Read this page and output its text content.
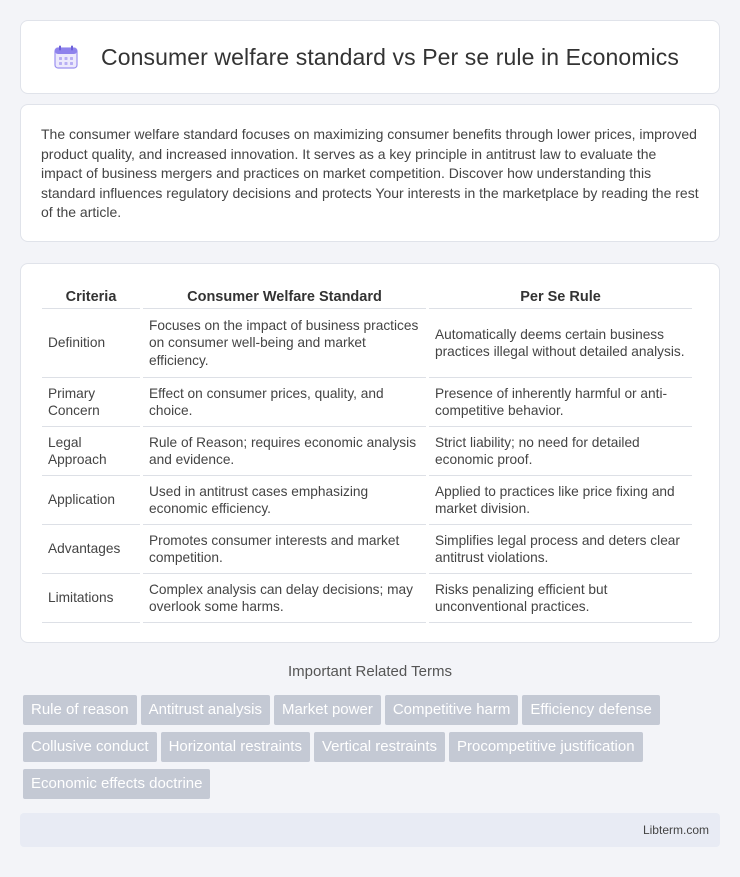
Consumer welfare standard vs Per se rule in Economics

The consumer welfare standard focuses on maximizing consumer benefits through lower prices, improved product quality, and increased innovation. It serves as a key principle in antitrust law to evaluate the impact of business mergers and practices on market competition. Discover how understanding this standard influences regulatory decisions and protects Your interests in the marketplace by reading the rest of the article.

Criteria	Consumer Welfare Standard	Per Se Rule
Definition	Focuses on the impact of business practices on consumer well-being and market efficiency.	Automatically deems certain business practices illegal without detailed analysis.
Primary Concern	Effect on consumer prices, quality, and choice.	Presence of inherently harmful or anti-competitive behavior.
Legal Approach	Rule of Reason; requires economic analysis and evidence.	Strict liability; no need for detailed economic proof.
Application	Used in antitrust cases emphasizing economic efficiency.	Applied to practices like price fixing and market division.
Advantages	Promotes consumer interests and market competition.	Simplifies legal process and deters clear antitrust violations.
Limitations	Complex analysis can delay decisions; may overlook some harms.	Risks penalizing efficient but unconventional practices.
Important Related Terms
Rule of reason Antitrust analysis Market power Competitive harm Efficiency defense
Collusive conduct Horizontal restraints Vertical restraints Procompetitive justification
Economic effects doctrine
Libterm.com
